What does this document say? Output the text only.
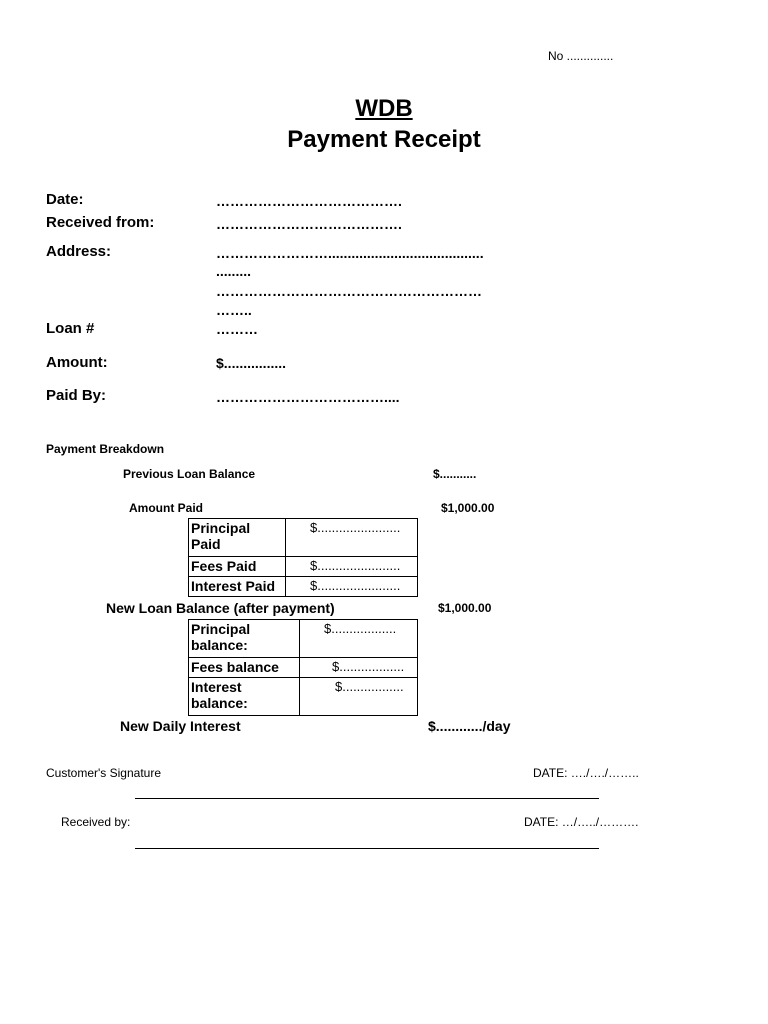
No ..............
WDB
Payment Receipt
Date:	………………………………….
Received from:	………………………………….
Address:	……………………........................................
.........
…………………………………………………
……..
Loan #	………
Amount:	$................
Paid By:	………………………………....
Payment Breakdown
Previous Loan Balance	$...........
Amount Paid	$1,000.00
Principal Paid	$.......................
Fees Paid	$.......................
Interest Paid	$.......................
New Loan Balance (after payment)	$1,000.00
Principal balance:	$..................
Fees balance	$..................
Interest balance:	$.................
New Daily Interest	$............/day
Customer's Signature	DATE: …./…./……..
Received by:	DATE: …/…../……….
